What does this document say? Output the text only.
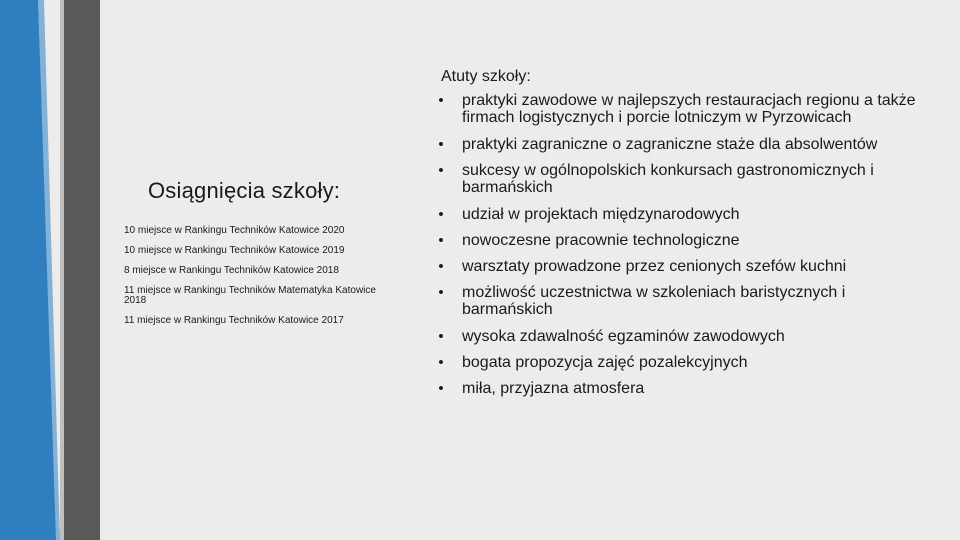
Osiągnięcia szkoły:
10 miejsce w Rankingu Techników Katowice 2020
10 miejsce w Rankingu Techników Katowice 2019
8 miejsce w Rankingu Techników Katowice 2018
11 miejsce w Rankingu Techników Matematyka Katowice 2018
11 miejsce w Rankingu Techników Katowice 2017
Atuty szkoły:
• praktyki zawodowe w najlepszych restauracjach regionu a także firmach logistycznych i porcie lotniczym w Pyrzowicach
• praktyki zagraniczne o zagraniczne staże dla absolwentów
• sukcesy w ogólnopolskich konkursach gastronomicznych i barmańskich
• udział w projektach międzynarodowych
• nowoczesne pracownie technologiczne
• warsztaty prowadzone przez cenionych szefów kuchni
• możliwość uczestnictwa w szkoleniach baristycznych i barmańskich
• wysoka zdawalność egzaminów zawodowych
• bogata propozycja zajęć pozalekcyjnych
• miła, przyjazna atmosfera
